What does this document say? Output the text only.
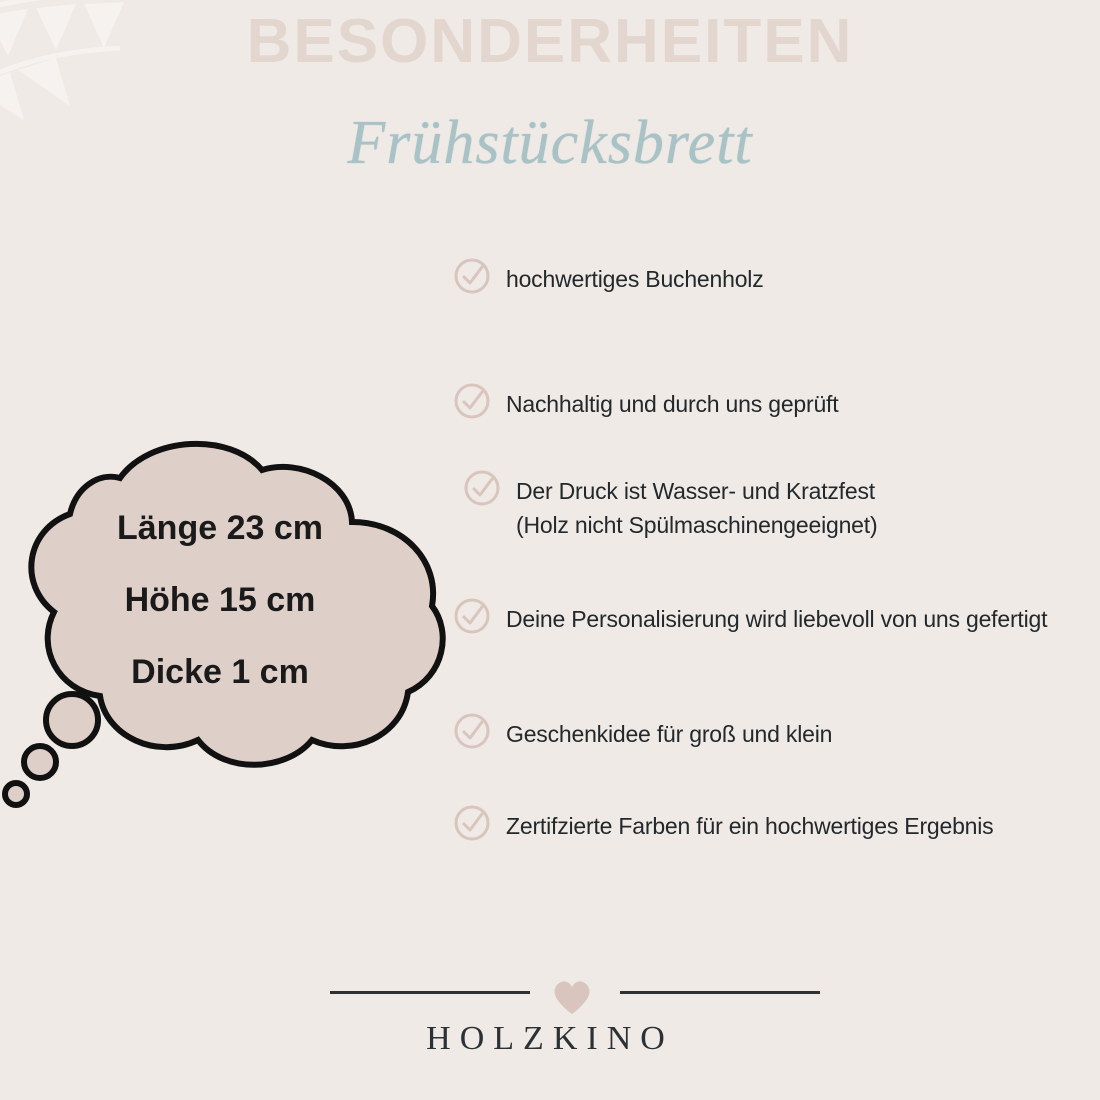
BESONDERHEITEN
Frühstücksbrett
hochwertiges Buchenholz
Nachhaltig und durch uns geprüft
Der Druck ist Wasser- und Kratzfest
(Holz nicht Spülmaschinengeeignet)
Deine Personalisierung wird liebevoll von uns gefertigt
Geschenkidee für groß und klein
Zertifzierte Farben für ein hochwertiges Ergebnis
Länge 23 cm
Höhe 15 cm
Dicke 1 cm
HOLZKINO
